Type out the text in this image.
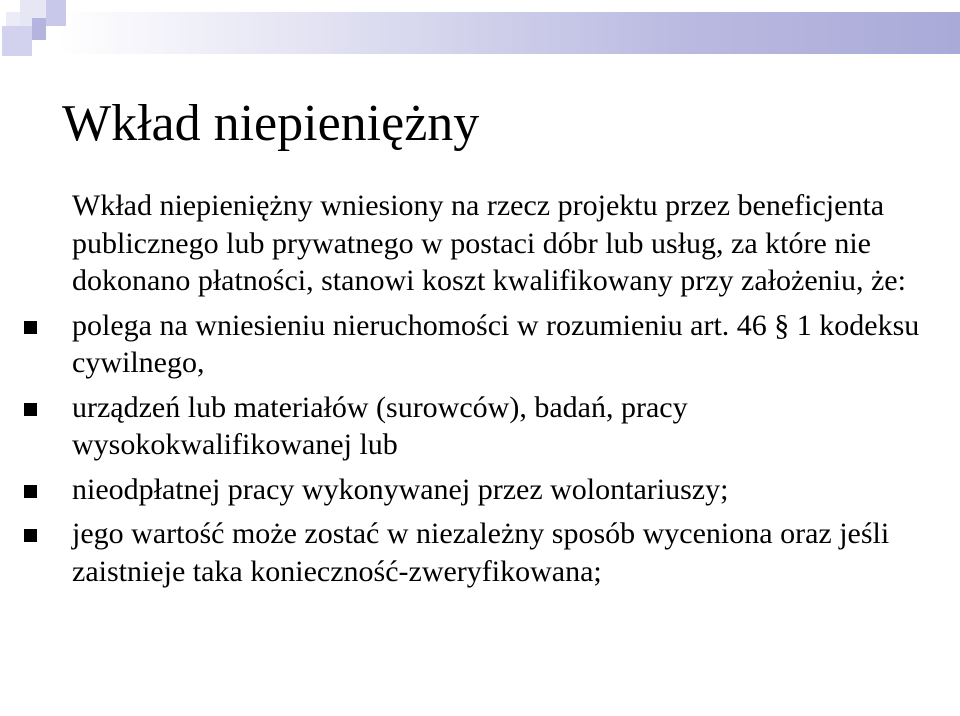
Wkład niepieniężny

Wkład niepieniężny wniesiony na rzecz projektu przez beneficjenta publicznego lub prywatnego w postaci dóbr lub usług, za które nie dokonano płatności, stanowi koszt kwalifikowany przy założeniu, że:

polega na wniesieniu nieruchomości w rozumieniu art. 46 § 1 kodeksu cywilnego,
urządzeń lub materiałów (surowców), badań, pracy wysokokwalifikowanej lub
nieodpłatnej pracy wykonywanej przez wolontariuszy;
jego wartość może zostać w niezależny sposób wyceniona oraz jeśli zaistnieje taka konieczność-zweryfikowana;
